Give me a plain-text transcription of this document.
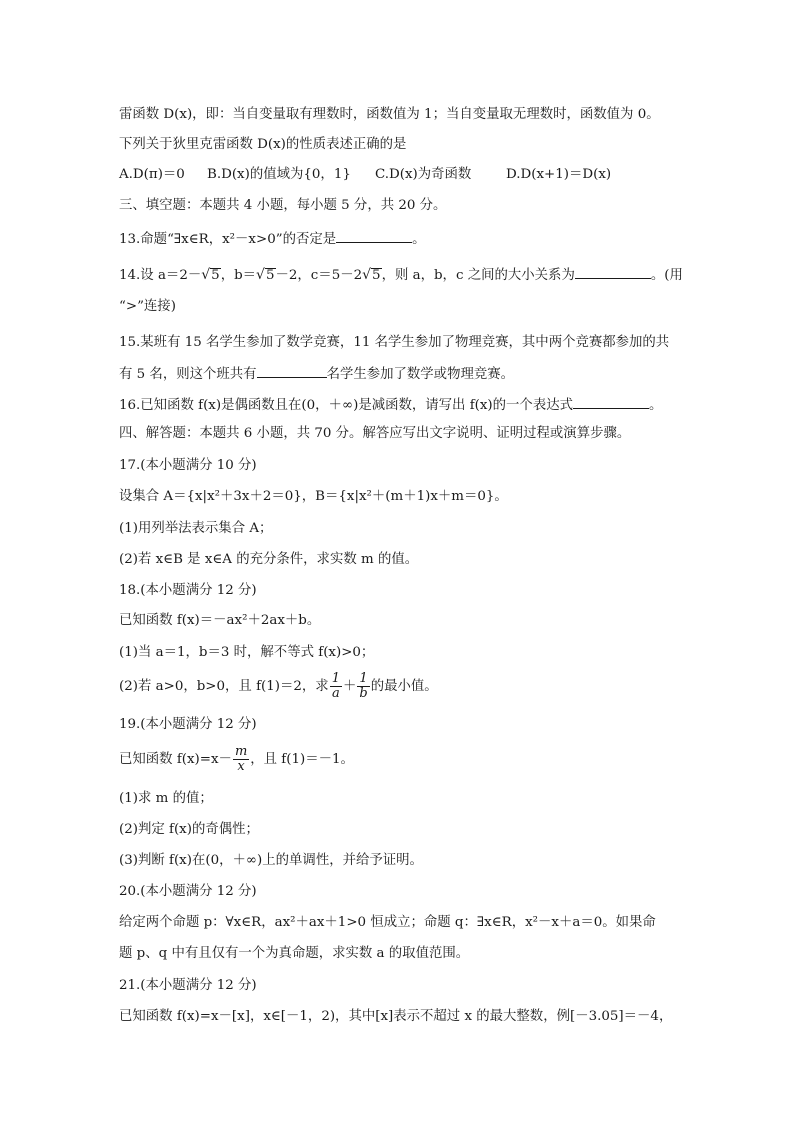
雷函数 D(x)，即：当自变量取有理数时，函数值为 1；当自变量取无理数时，函数值为 0。
下列关于狄里克雷函数 D(x)的性质表述正确的是
A.D(π)＝0 B.D(x)的值域为{0，1} C.D(x)为奇函数	D.D(x+1)＝D(x)
三、填空题：本题共 4 小题，每小题 5 分，共 20 分。
13.命题“∃x∈R，x²－x>0”的否定是	。
14.设 a＝2－√5，b＝√5－2，c＝5－2√5，则 a，b，c 之间的大小关系为	。(用
“>”连接)
15.某班有 15 名学生参加了数学竞赛，11 名学生参加了物理竞赛，其中两个竞赛都参加的共
有 5 名，则这个班共有	名学生参加了数学或物理竞赛。
16.已知函数 f(x)是偶函数且在(0，＋∞)是减函数，请写出 f(x)的一个表达式	。
四、解答题：本题共 6 小题，共 70 分。解答应写出文字说明、证明过程或演算步骤。
17.(本小题满分 10 分)
设集合 A＝{x|x²＋3x＋2＝0}，B＝{x|x²＋(m＋1)x＋m＝0}。
(1)用列举法表示集合 A；
(2)若 x∈B 是 x∈A 的充分条件，求实数 m 的值。
18.(本小题满分 12 分)
已知函数 f(x)＝－ax²＋2ax＋b。
(1)当 a＝1，b＝3 时，解不等式 f(x)>0；
(2)若 a>0，b>0，且 f(1)＝2，求 $\frac{1}{a} + \frac{1}{b}$ 的最小值。
19.(本小题满分 12 分)
已知函数 $f(x)=x- \frac{m}{x}$ ，且 f(1)＝－1。
(1)求 m 的值；
(2)判定 f(x)的奇偶性；
(3)判断 f(x)在(0，＋∞)上的单调性，并给予证明。
20.(本小题满分 12 分)
给定两个命题 p：∀x∈R，ax²＋ax＋1>0 恒成立；命题 q：∃x∈R，x²－x＋a＝0。如果命
题 p、q 中有且仅有一个为真命题，求实数 a 的取值范围。
21.(本小题满分 12 分)
已知函数 f(x)=x－[x]，x∈[－1，2)，其中[x]表示不超过 x 的最大整数，例[－3.05]＝－4，
